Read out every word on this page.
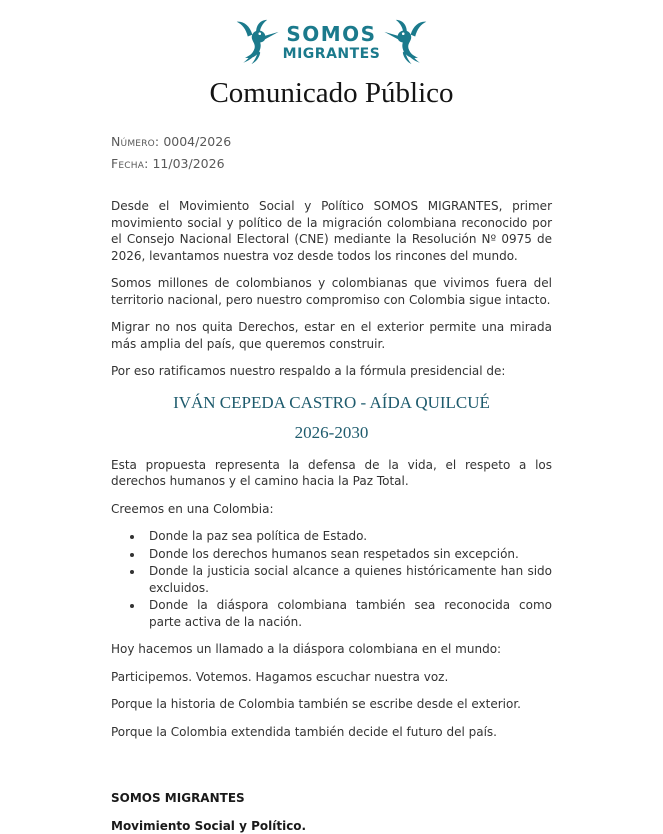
SOMOS
MIGRANTES
Comunicado Público

Número: 0004/2026

Fecha: 11/03/2026

Desde el Movimiento Social y Político SOMOS MIGRANTES, primer movimiento social y político de la migración colombiana reconocido por el Consejo Nacional Electoral (CNE) mediante la Resolución Nº 0975 de 2026, levantamos nuestra voz desde todos los rincones del mundo.

Somos millones de colombianos y colombianas que vivimos fuera del territorio nacional, pero nuestro compromiso con Colombia sigue intacto.

Migrar no nos quita Derechos, estar en el exterior permite una mirada más amplia del país, que queremos construir.

Por eso ratificamos nuestro respaldo a la fórmula presidencial de:

IVÁN CEPEDA CASTRO - AÍDA QUILCUÉ
2026-2030

Esta propuesta representa la defensa de la vida, el respeto a los derechos humanos y el camino hacia la Paz Total.

Creemos en una Colombia:

• Donde la paz sea política de Estado.
• Donde los derechos humanos sean respetados sin excepción.
• Donde la justicia social alcance a quienes históricamente han sido excluidos.
• Donde la diáspora colombiana también sea reconocida como parte activa de la nación.

Hoy hacemos un llamado a la diáspora colombiana en el mundo:

Participemos. Votemos. Hagamos escuchar nuestra voz.

Porque la historia de Colombia también se escribe desde el exterior.

Porque la Colombia extendida también decide el futuro del país.

SOMOS MIGRANTES

Movimiento Social y Político.
